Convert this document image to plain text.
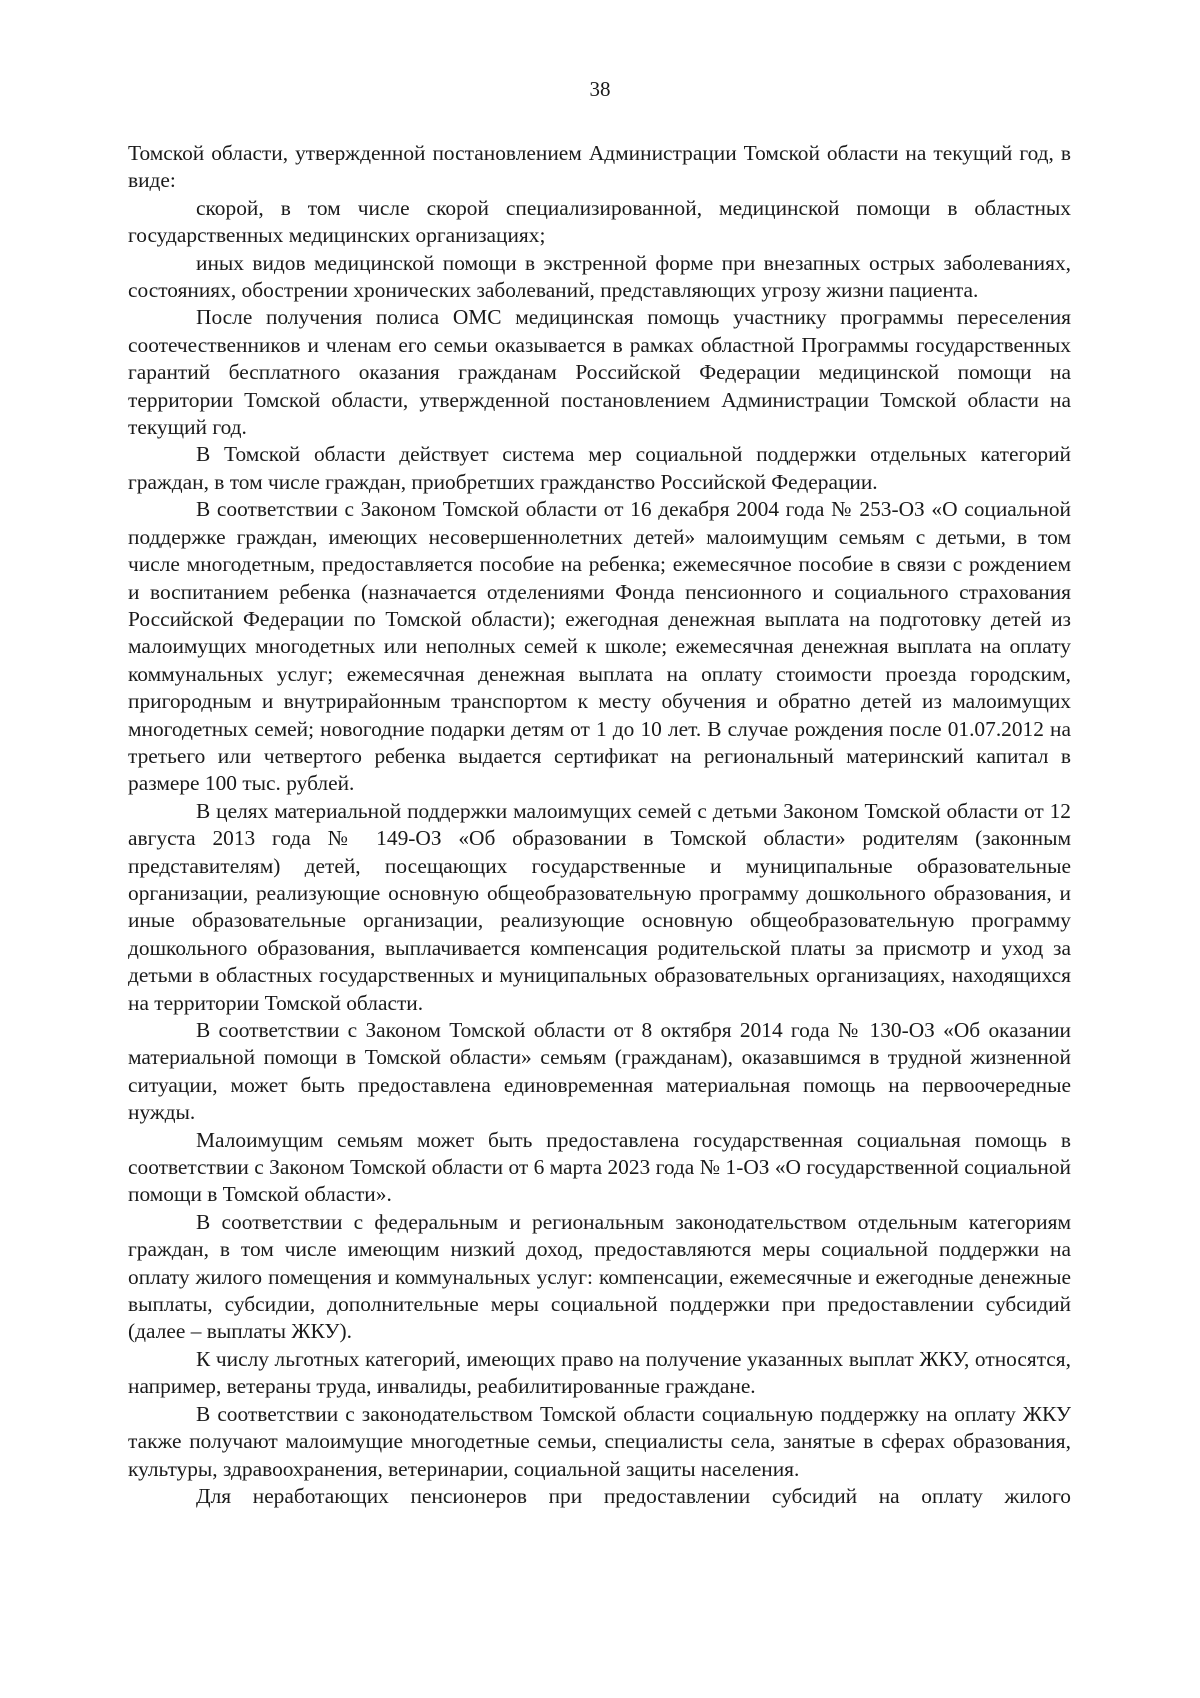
38

Томской области, утвержденной постановлением Администрации Томской области на текущий год, в виде:

скорой, в том числе скорой специализированной, медицинской помощи в областных государственных медицинских организациях;

иных видов медицинской помощи в экстренной форме при внезапных острых заболеваниях, состояниях, обострении хронических заболеваний, представляющих угрозу жизни пациента.

После получения полиса ОМС медицинская помощь участнику программы переселения соотечественников и членам его семьи оказывается в рамках областной Программы государственных гарантий бесплатного оказания гражданам Российской Федерации медицинской помощи на территории Томской области, утвержденной постановлением Администрации Томской области на текущий год.

В Томской области действует система мер социальной поддержки отдельных категорий граждан, в том числе граждан, приобретших гражданство Российской Федерации.

В соответствии с Законом Томской области от 16 декабря 2004 года № 253-ОЗ «О социальной поддержке граждан, имеющих несовершеннолетних детей» малоимущим семьям с детьми, в том числе многодетным, предоставляется пособие на ребенка; ежемесячное пособие в связи с рождением и воспитанием ребенка (назначается отделениями Фонда пенсионного и социального страхования Российской Федерации по Томской области); ежегодная денежная выплата на подготовку детей из малоимущих многодетных или неполных семей к школе; ежемесячная денежная выплата на оплату коммунальных услуг; ежемесячная денежная выплата на оплату стоимости проезда городским, пригородным и внутрирайонным транспортом к месту обучения и обратно детей из малоимущих многодетных семей; новогодние подарки детям от 1 до 10 лет. В случае рождения после 01.07.2012 на третьего или четвертого ребенка выдается сертификат на региональный материнский капитал в размере 100 тыс. рублей.

В целях материальной поддержки малоимущих семей с детьми Законом Томской области от 12 августа 2013 года № 149-ОЗ «Об образовании в Томской области» родителям (законным представителям) детей, посещающих государственные и муниципальные образовательные организации, реализующие основную общеобразовательную программу дошкольного образования, и иные образовательные организации, реализующие основную общеобразовательную программу дошкольного образования, выплачивается компенсация родительской платы за присмотр и уход за детьми в областных государственных и муниципальных образовательных организациях, находящихся на территории Томской области.

В соответствии с Законом Томской области от 8 октября 2014 года № 130-ОЗ «Об оказании материальной помощи в Томской области» семьям (гражданам), оказавшимся в трудной жизненной ситуации, может быть предоставлена единовременная материальная помощь на первоочередные нужды.

Малоимущим семьям может быть предоставлена государственная социальная помощь в соответствии с Законом Томской области от 6 марта 2023 года № 1-ОЗ «О государственной социальной помощи в Томской области».

В соответствии с федеральным и региональным законодательством отдельным категориям граждан, в том числе имеющим низкий доход, предоставляются меры социальной поддержки на оплату жилого помещения и коммунальных услуг: компенсации, ежемесячные и ежегодные денежные выплаты, субсидии, дополнительные меры социальной поддержки при предоставлении субсидий (далее – выплаты ЖКУ).

К числу льготных категорий, имеющих право на получение указанных выплат ЖКУ, относятся, например, ветераны труда, инвалиды, реабилитированные граждане.

В соответствии с законодательством Томской области социальную поддержку на оплату ЖКУ также получают малоимущие многодетные семьи, специалисты села, занятые в сферах образования, культуры, здравоохранения, ветеринарии, социальной защиты населения.

Для неработающих пенсионеров при предоставлении субсидий на оплату жилого
